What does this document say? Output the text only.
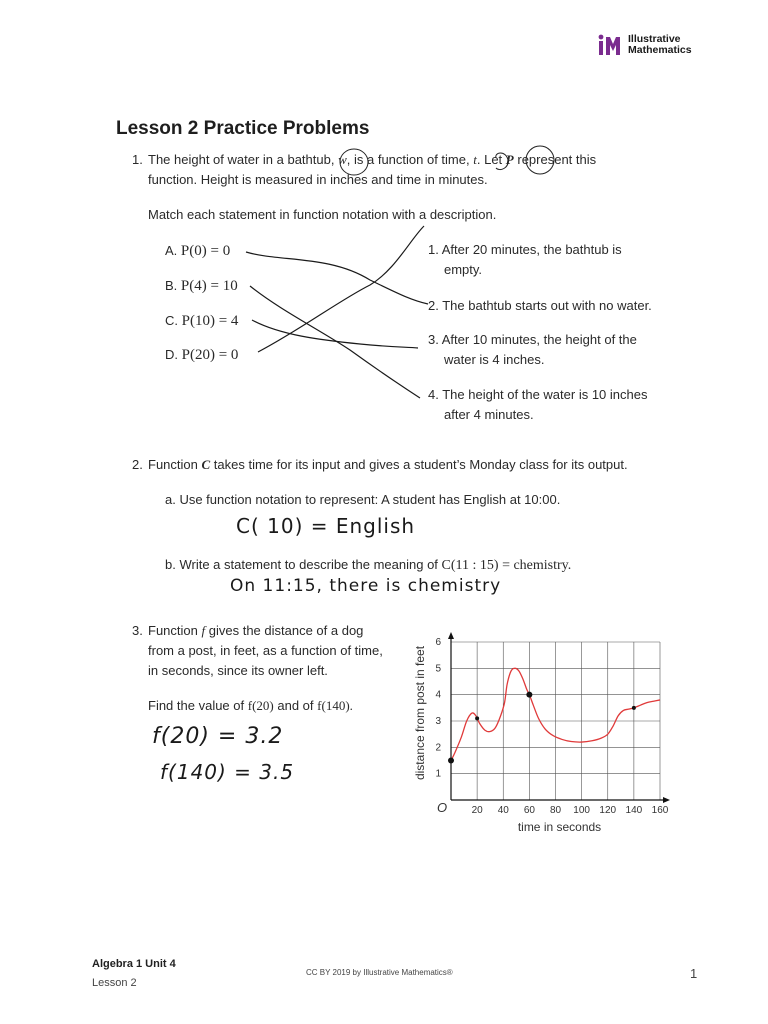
Illustrative
Mathematics
Lesson 2 Practice Problems
1. The height of water in a bathtub, w, is a function of time, t. Let P represent this
function. Height is measured in inches and time in minutes.
Match each statement in function notation with a description.
A. P(0) = 0
B. P(4) = 10
C. P(10) = 4
D. P(20) = 0
1. After 20 minutes, the bathtub is
empty.
2. The bathtub starts out with no water.
3. After 10 minutes, the height of the
water is 4 inches.
4. The height of the water is 10 inches
after 4 minutes.
2. Function C takes time for its input and gives a student’s Monday class for its output.
a. Use function notation to represent: A student has English at 10:00.
C( 10) = English
b. Write a statement to describe the meaning of C(11 : 15) = chemistry.
On 11:15, there is chemistry
3. Function f gives the distance of a dog
from a post, in feet, as a function of time,
in seconds, since its owner left.
Find the value of f(20) and of f(140).
f(20) = 3.2
f(140) = 3.5
20 40 60 80 100 120 140 160
1
2
3
4
5
6
O
time in seconds
distance from post in feet
Algebra 1 Unit 4
Lesson 2
CC BY 2019 by Illustrative Mathematics®	1
